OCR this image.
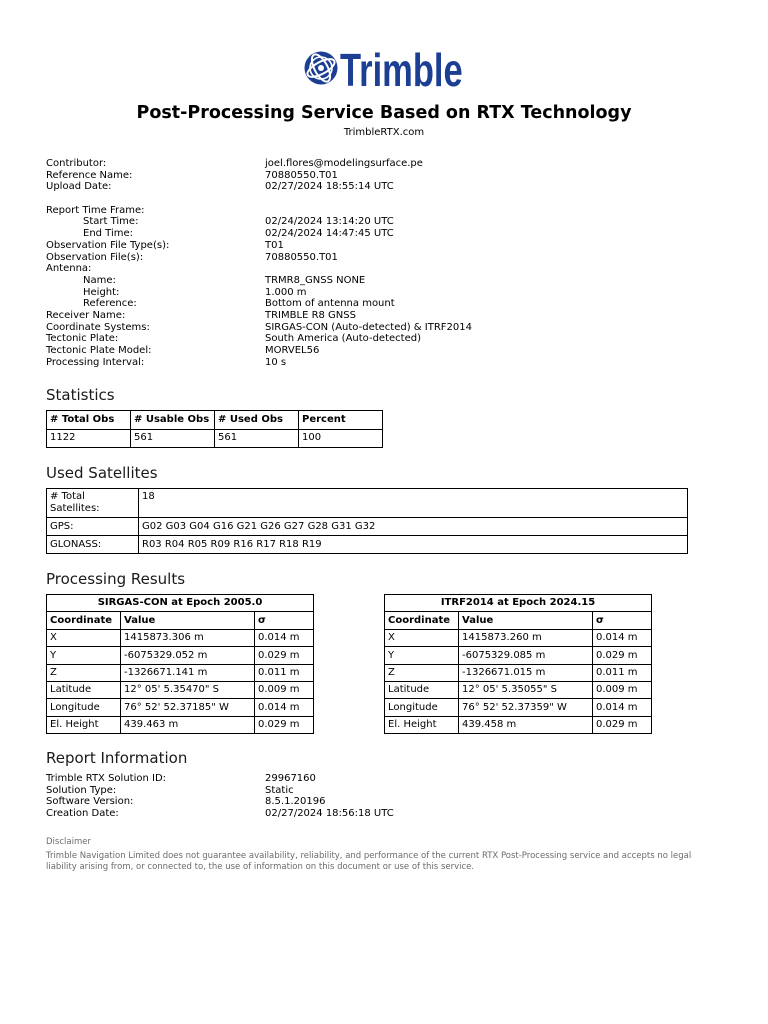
Trimble
Post-Processing Service Based on RTX Technology
TrimbleRTX.com
Contributor:	joel.flores@modelingsurface.pe
Reference Name:	70880550.T01
Upload Date:	02/27/2024 18:55:14 UTC
Report Time Frame:
Start Time:	02/24/2024 13:14:20 UTC
End Time:	02/24/2024 14:47:45 UTC
Observation File Type(s):	T01
Observation File(s):	70880550.T01
Antenna:
Name:	TRMR8_GNSS NONE
Height:	1.000 m
Reference:	Bottom of antenna mount
Receiver Name:	TRIMBLE R8 GNSS
Coordinate Systems:	SIRGAS-CON (Auto-detected) & ITRF2014
Tectonic Plate:	South America (Auto-detected)
Tectonic Plate Model:	MORVEL56
Processing Interval:	10 s
Statistics
# Total Obs	# Usable Obs	# Used Obs	Percent
1122	561	561	100
Used Satellites
# Total Satellites:	18
GPS:	G02 G03 G04 G16 G21 G26 G27 G28 G31 G32
GLONASS:	R03 R04 R05 R09 R16 R17 R18 R19
Processing Results
SIRGAS-CON at Epoch 2005.0		
Coordinate	Value	σ
X	1415873.306 m	0.014 m
Y	-6075329.052 m	0.029 m
Z	-1326671.141 m	0.011 m
Latitude	12° 05' 5.35470" S	0.009 m
Longitude	76° 52' 52.37185" W	0.014 m
El. Height	439.463 m	0.029 m
ITRF2014 at Epoch 2024.15		
Coordinate	Value	σ
X	1415873.260 m	0.014 m
Y	-6075329.085 m	0.029 m
Z	-1326671.015 m	0.011 m
Latitude	12° 05' 5.35055" S	0.009 m
Longitude	76° 52' 52.37359" W	0.014 m
El. Height	439.458 m	0.029 m
Report Information
Trimble RTX Solution ID:	29967160
Solution Type:	Static
Software Version:	8.5.1.20196
Creation Date:	02/27/2024 18:56:18 UTC
Disclaimer
Trimble Navigation Limited does not guarantee availability, reliability, and performance of the current RTX Post-Processing service and accepts no legal liability arising from, or connected to, the use of information on this document or use of this service.
